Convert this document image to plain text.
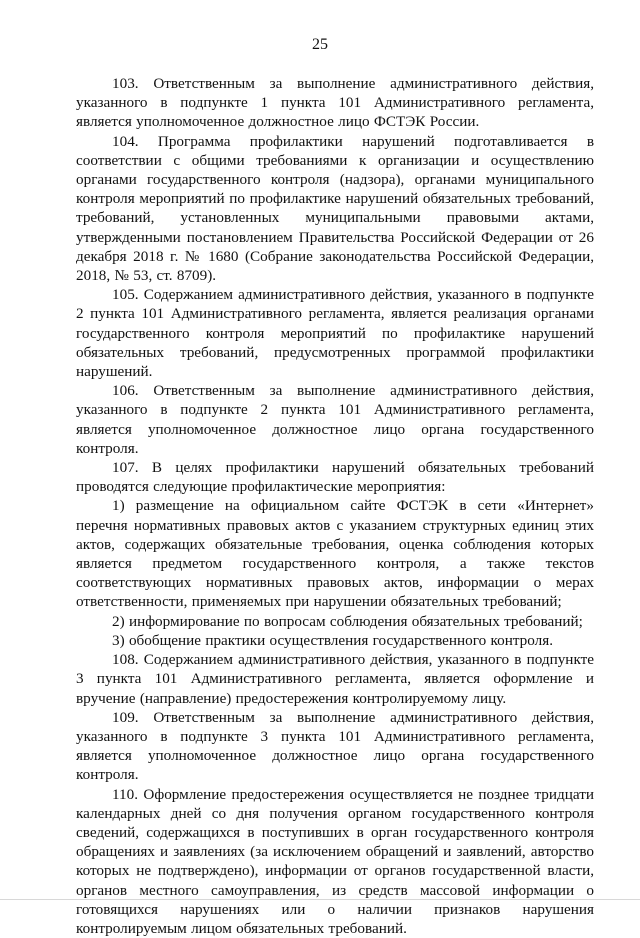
25

103. Ответственным за выполнение административного действия, указанного в подпункте 1 пункта 101 Административного регламента, является уполномоченное должностное лицо ФСТЭК России.

104. Программа профилактики нарушений подготавливается в соответствии с общими требованиями к организации и осуществлению органами государственного контроля (надзора), органами муниципального контроля мероприятий по профилактике нарушений обязательных требований, требований, установленных муниципальными правовыми актами, утвержденными постановлением Правительства Российской Федерации от 26 декабря 2018 г. № 1680 (Собрание законодательства Российской Федерации, 2018, № 53, ст. 8709).

105. Содержанием административного действия, указанного в подпункте 2 пункта 101 Административного регламента, является реализация органами государственного контроля мероприятий по профилактике нарушений обязательных требований, предусмотренных программой профилактики нарушений.

106. Ответственным за выполнение административного действия, указанного в подпункте 2 пункта 101 Административного регламента, является уполномоченное должностное лицо органа государственного контроля.

107. В целях профилактики нарушений обязательных требований проводятся следующие профилактические мероприятия:

1) размещение на официальном сайте ФСТЭК в сети «Интернет» перечня нормативных правовых актов с указанием структурных единиц этих актов, содержащих обязательные требования, оценка соблюдения которых является предметом государственного контроля, а также текстов соответствующих нормативных правовых актов, информации о мерах ответственности, применяемых при нарушении обязательных требований;

2) информирование по вопросам соблюдения обязательных требований;

3) обобщение практики осуществления государственного контроля.

108. Содержанием административного действия, указанного в подпункте 3 пункта 101 Административного регламента, является оформление и вручение (направление) предостережения контролируемому лицу.

109. Ответственным за выполнение административного действия, указанного в подпункте 3 пункта 101 Административного регламента, является уполномоченное должностное лицо органа государственного контроля.

110. Оформление предостережения осуществляется не позднее тридцати календарных дней со дня получения органом государственного контроля сведений, содержащихся в поступивших в орган государственного контроля обращениях и заявлениях (за исключением обращений и заявлений, авторство которых не подтверждено), информации от органов государственной власти, органов местного самоуправления, из средств массовой информации о готовящихся нарушениях или о наличии признаков нарушения контролируемым лицом обязательных требований.
